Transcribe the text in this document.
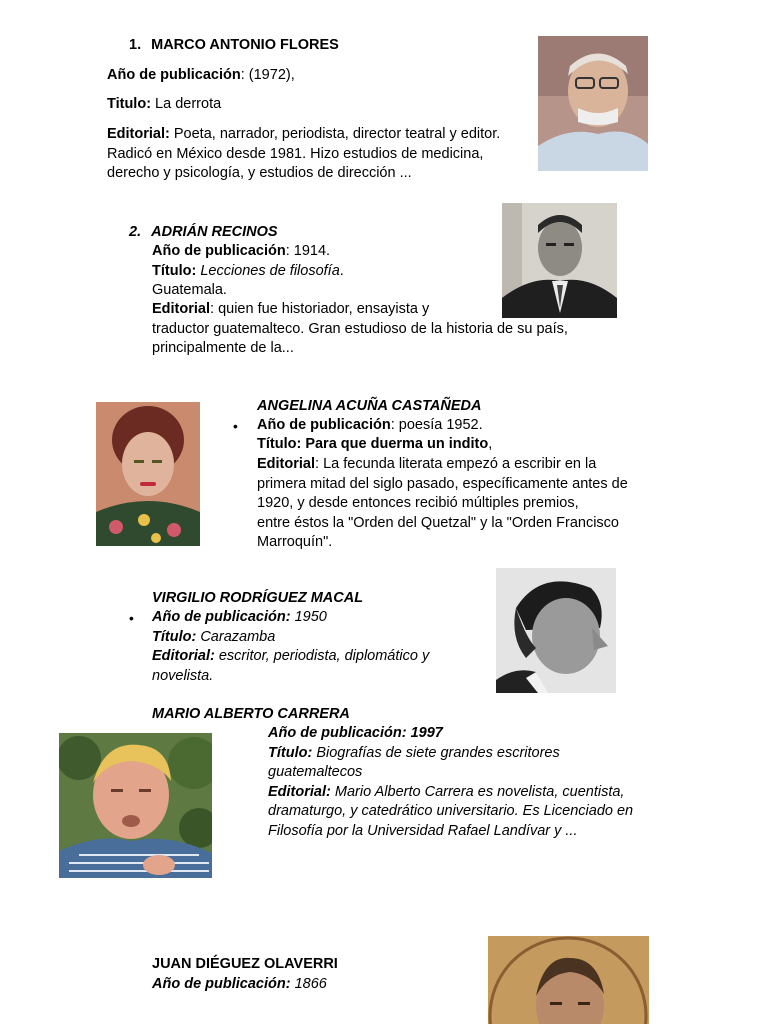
1. MARCO ANTONIO FLORES

Año de publicación: (1972),

Titulo: La derrota

Editorial: Poeta, narrador, periodista, director teatral y editor.
Radicó en México desde 1981. Hizo estudios de medicina,
derecho y psicología, y estudios de dirección ...
2. ADRIÁN RECINOS

Año de publicación: 1914.

Título: Lecciones de filosofía.

Guatemala.

Editorial: quien fue historiador, ensayista y
traductor guatemalteco. Gran estudioso de la historia de su país,
principalmente de la...
ANGELINA ACUÑA CASTAÑEDA
• Año de publicación: poesía 1952.

Título: Para que duerma un indito,

Editorial: La fecunda literata empezó a escribir en la
primera mitad del siglo pasado, específicamente antes de
1920, y desde entonces recibió múltiples premios,
entre éstos la "Orden del Quetzal" y la "Orden Francisco
Marroquín".
VIRGILIO RODRÍGUEZ MACAL
• Año de publicación: 1950
Título: Carazamba
Editorial: escritor, periodista, diplomático y
novelista.
MARIO ALBERTO CARRERA
Año de publicación: 1997
Título: Biografías de siete grandes escritores
guatemaltecos
Editorial: Mario Alberto Carrera es novelista, cuentista,
dramaturgo, y catedrático universitario. Es Licenciado en
Filosofía por la Universidad Rafael Landívar y ...
JUAN DIÉGUEZ OLAVERRI

Año de publicación: 1866
